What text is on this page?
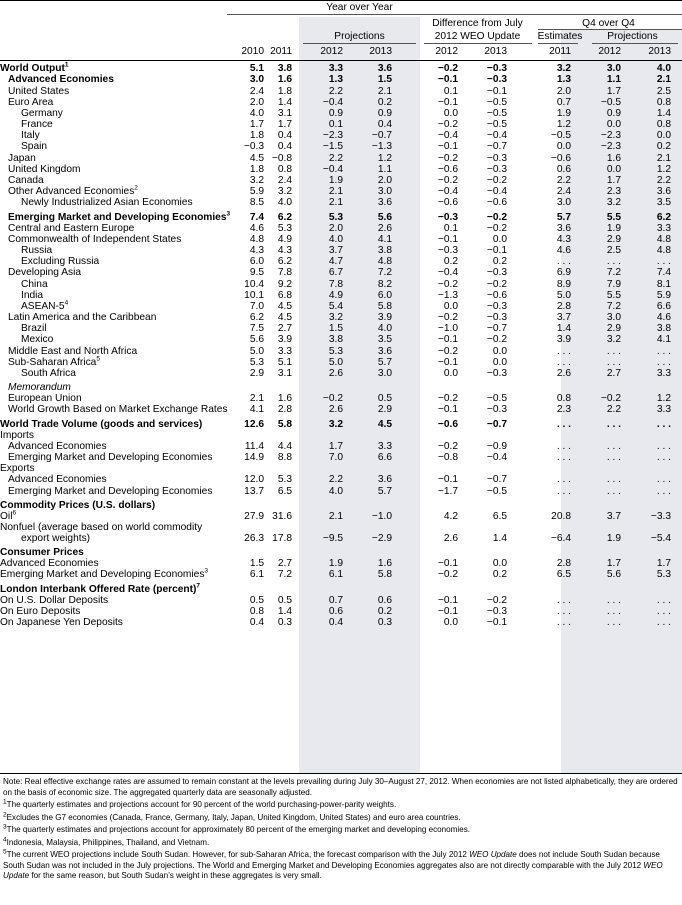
Year over Year
Projections
Difference from July
2012 WEO Update
Q4 over Q4
Estimates	Projections
2010 2011	2012	2013	2012	2013	2011	2012	2013
World Output$^1$	5.1	3.8	3.3	3.6	−0.2	−0.3	3.2	3.0	4.0	
Advanced Economies	3.0	1.6	1.3	1.5	−0.1	−0.3	1.3	1.1	2.1	
United States	2.4	1.8	2.2	2.1	0.1	−0.1	2.0	1.7	2.5	
Euro Area	2.0	1.4	−0.4	0.2	−0.1	−0.5	0.7	−0.5	0.8	
Germany	4.0	3.1	0.9	0.9	0.0	−0.5	1.9	0.9	1.4	
France	1.7	1.7	0.1	0.4	−0.2	−0.5	1.2	0.0	0.8	
Italy	1.8	0.4	−2.3	−0.7	−0.4	−0.4	−0.5	−2.3	0.0	
Spain	−0.3	0.4	−1.5	−1.3	−0.1	−0.7	0.0	−2.3	0.2	
Japan	4.5	−0.8	2.2	1.2	−0.2	−0.3	−0.6	1.6	2.1	
United Kingdom	1.8	0.8	−0.4	1.1	−0.6	−0.3	0.6	0.0	1.2	
Canada	3.2	2.4	1.9	2.0	−0.2	−0.2	2.2	1.7	2.2	
Other Advanced Economies$^2$	5.9	3.2	2.1	3.0	−0.4	−0.4	2.4	2.3	3.6	
Newly Industrialized Asian Economies	8.5	4.0	2.1	3.6	−0.6	−0.6	3.0	3.2	3.5	
Emerging Market and Developing Economies$^3$	7.4	6.2	5.3	5.6	−0.3	−0.2	5.7	5.5	6.2	
Central and Eastern Europe	4.6	5.3	2.0	2.6	0.1	−0.2	3.6	1.9	3.3	
Commonwealth of Independent States	4.8	4.9	4.0	4.1	−0.1	0.0	4.3	2.9	4.8	
Russia	4.3	4.3	3.7	3.8	−0.3	−0.1	4.6	2.5	4.8	
Excluding Russia	6.0	6.2	4.7	4.8	0.2	0.2	. . .	. . .	. . .	
Developing Asia	9.5	7.8	6.7	7.2	−0.4	−0.3	6.9	7.2	7.4	
China	10.4	9.2	7.8	8.2	−0.2	−0.2	8.9	7.9	8.1	
India	10.1	6.8	4.9	6.0	−1.3	−0.6	5.0	5.5	5.9	
ASEAN-$5^4$	7.0	4.5	5.4	5.8	0.0	−0.3	2.8	7.2	6.6	
Latin America and the Caribbean	6.2	4.5	3.2	3.9	−0.2	−0.3	3.7	3.0	4.6	
Brazil	7.5	2.7	1.5	4.0	−1.0	−0.7	1.4	2.9	3.8	
Mexico	5.6	3.9	3.8	3.5	−0.1	−0.2	3.9	3.2	4.1	
Middle East and North Africa	5.0	3.3	5.3	3.6	−0.2	0.0	. . .	. . .	. . .	
Sub-Saharan Africa$^5$	5.3	5.1	5.0	5.7	−0.1	0.0	. . .	. . .	. . .	
South Africa	2.9	3.1	2.6	3.0	0.0	−0.3	2.6	2.7	3.3	
Memorandum										
European Union	2.1	1.6	−0.2	0.5	−0.2	−0.5	0.8	−0.2	1.2	
World Growth Based on Market Exchange Rates	4.1	2.8	2.6	2.9	−0.1	−0.3	2.3	2.2	3.3	
World Trade Volume (goods and services)	12.6	5.8	3.2	4.5	−0.6	−0.7	. . .	. . .	. . .	
Imports										
Advanced Economies	11.4	4.4	1.7	3.3	−0.2	−0.9	. . .	. . .	. . .	
Emerging Market and Developing Economies	14.9	8.8	7.0	6.6	−0.8	−0.4	. . .	. . .	. . .	
Exports										
Advanced Economies	12.0	5.3	2.2	3.6	−0.1	−0.7	. . .	. . .	. . .	
Emerging Market and Developing Economies	13.7	6.5	4.0	5.7	−1.7	−0.5	. . .	. . .	. . .	
Commodity Prices (U.S. dollars)										
Oil$^6$	27.9	31.6	2.1	−1.0	4.2	6.5	20.8	3.7	−3.3	
Nonfuel (average based on world commodity										
export weights)	26.3	17.8	−9.5	−2.9	2.6	1.4	−6.4	1.9	−5.4	
Consumer Prices										
Advanced Economies	1.5	2.7	1.9	1.6	−0.1	0.0	2.8	1.7	1.7	
Emerging Market and Developing Economies$^3$	6.1	7.2	6.1	5.8	−0.2	0.2	6.5	5.6	5.3	
London Interbank Offered Rate (percent)$^7$										
On U.S. Dollar Deposits	0.5	0.5	0.7	0.6	−0.1	−0.2	. . .	. . .	. . .	
On Euro Deposits	0.8	1.4	0.6	0.2	−0.1	−0.3	. . .	. . .	. . .	
On Japanese Yen Deposits	0.4	0.3	0.4	0.3	0.0	−0.1	. . .	. . .	. . .	

Note: Real effective exchange rates are assumed to remain constant at the levels prevailing during July 30–August 27, 2012. When economies are not listed alphabetically, they are ordered on the basis of economic size. The aggregated quarterly data are seasonally adjusted.

$^1$The quarterly estimates and projections account for 90 percent of the world purchasing-power-parity weights.

$^2$Excludes the G7 economies (Canada, France, Germany, Italy, Japan, United Kingdom, United States) and euro area countries.

$^3$The quarterly estimates and projections account for approximately 80 percent of the emerging market and developing economies.

$^4$Indonesia, Malaysia, Philippines, Thailand, and Vietnam.

$^5$The current WEO projections include South Sudan. However, for sub-Saharan Africa, the forecast comparison with the July 2012 WEO Update does not include South Sudan because South Sudan was not included in the July projections. The World and Emerging Market and Developing Economies aggregates also are not directly comparable with the July 2012 WEO Update for the same reason, but South Sudan’s weight in these aggregates is very small.
